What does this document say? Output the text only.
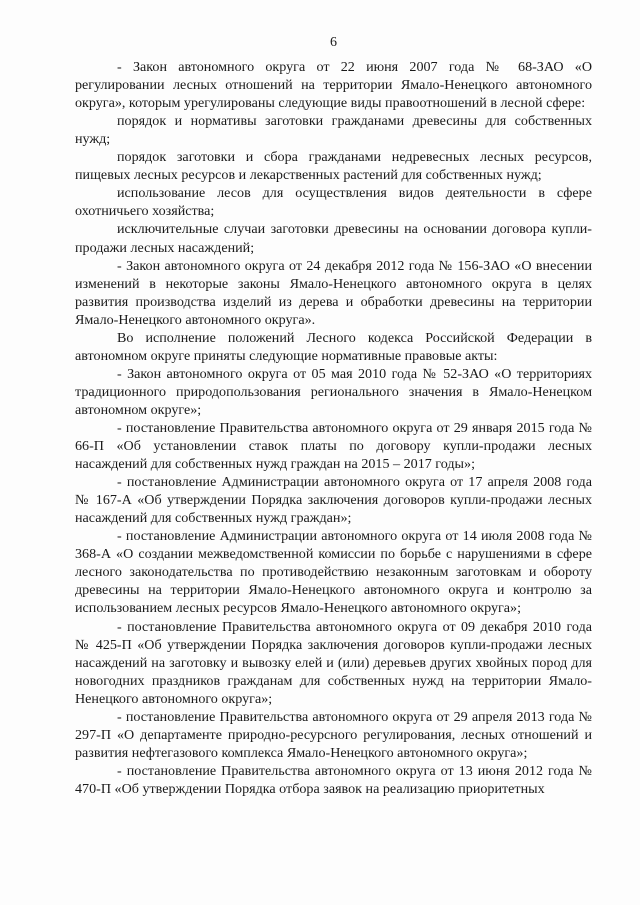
6

- Закон автономного округа от 22 июня 2007 года № 68-ЗАО «О регулировании лесных отношений на территории Ямало-Ненецкого автономного округа», которым урегулированы следующие виды правоотношений в лесной сфере:

порядок и нормативы заготовки гражданами древесины для собственных нужд;

порядок заготовки и сбора гражданами недревесных лесных ресурсов, пищевых лесных ресурсов и лекарственных растений для собственных нужд;

использование лесов для осуществления видов деятельности в сфере охотничьего хозяйства;

исключительные случаи заготовки древесины на основании договора купли-продажи лесных насаждений;

- Закон автономного округа от 24 декабря 2012 года № 156-ЗАО «О внесении изменений в некоторые законы Ямало-Ненецкого автономного округа в целях развития производства изделий из дерева и обработки древесины на территории Ямало-Ненецкого автономного округа».

Во исполнение положений Лесного кодекса Российской Федерации в автономном округе приняты следующие нормативные правовые акты:

- Закон автономного округа от 05 мая 2010 года № 52-ЗАО «О территориях традиционного природопользования регионального значения в Ямало-Ненецком автономном округе»;

- постановление Правительства автономного округа от 29 января 2015 года № 66-П «Об установлении ставок платы по договору купли-продажи лесных насаждений для собственных нужд граждан на 2015 – 2017 годы»;

- постановление Администрации автономного округа от 17 апреля 2008 года № 167-А «Об утверждении Порядка заключения договоров купли-продажи лесных насаждений для собственных нужд граждан»;

- постановление Администрации автономного округа от 14 июля 2008 года № 368-А «О создании межведомственной комиссии по борьбе с нарушениями в сфере лесного законодательства по противодействию незаконным заготовкам и обороту древесины на территории Ямало-Ненецкого автономного округа и контролю за использованием лесных ресурсов Ямало-Ненецкого автономного округа»;

- постановление Правительства автономного округа от 09 декабря 2010 года № 425-П «Об утверждении Порядка заключения договоров купли-продажи лесных насаждений на заготовку и вывозку елей и (или) деревьев других хвойных пород для новогодних праздников гражданам для собственных нужд на территории Ямало-Ненецкого автономного округа»;

- постановление Правительства автономного округа от 29 апреля 2013 года № 297-П «О департаменте природно-ресурсного регулирования, лесных отношений и развития нефтегазового комплекса Ямало-Ненецкого автономного округа»;

- постановление Правительства автономного округа от 13 июня 2012 года № 470-П «Об утверждении Порядка отбора заявок на реализацию приоритетных
